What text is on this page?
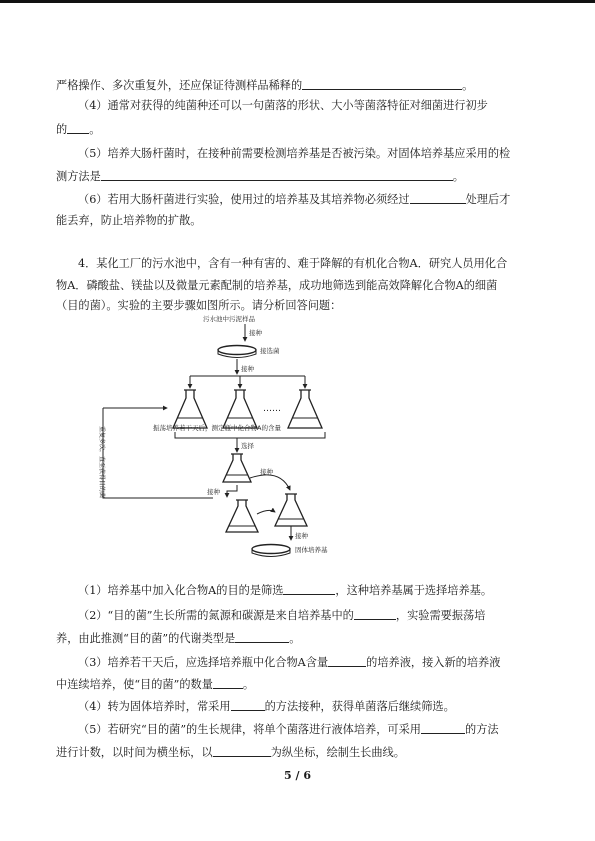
严格操作、多次重复外，还应保证待测样品稀释的	。
（4）通常对获得的纯菌种还可以一句菌落的形状、大小等菌落特征对细菌进行初步
的 。
（5）培养大肠杆菌时，在接种前需要检测培养基是否被污染。对固体培养基应采用的检
测方法是	。
（6）若用大肠杆菌进行实验，使用过的培养基及其培养物必须经过	处理后才
能丢弃，防止培养物的扩散。
4．某化工厂的污水池中，含有一种有害的、难于降解的有机化合物A．研究人员用化合
物A．磷酸盐、镁盐以及微量元素配制的培养基，成功地筛选到能高效降解化合物A的细菌
（目的菌）。实验的主要步骤如图所示。请分析回答问题：
污水池中污泥样品
接种
接选菌
接种
……
振荡培养若干天后，测定瓶中化合物A的含量
选择
接种
接种
接种
固体培养基
重复多次，直至获得目的菌
（1）培养基中加入化合物A的目的是筛选	，这种培养基属于选择培养基。
（2）“目的菌”生长所需的氮源和碳源是来自培养基中的	，实验需要振荡培
养，由此推测“目的菌”的代谢类型是	。
（3）培养若干天后，应选择培养瓶中化合物A含量	的培养液，接入新的培养液
中连续培养，使“目的菌”的数量	。
（4）转为固体培养时，常采用	的方法接种，获得单菌落后继续筛选。
（5）若研究“目的菌”的生长规律，将单个菌落进行液体培养，可采用	的方法
进行计数，以时间为横坐标，以	为纵坐标，绘制生长曲线。
5 / 6
